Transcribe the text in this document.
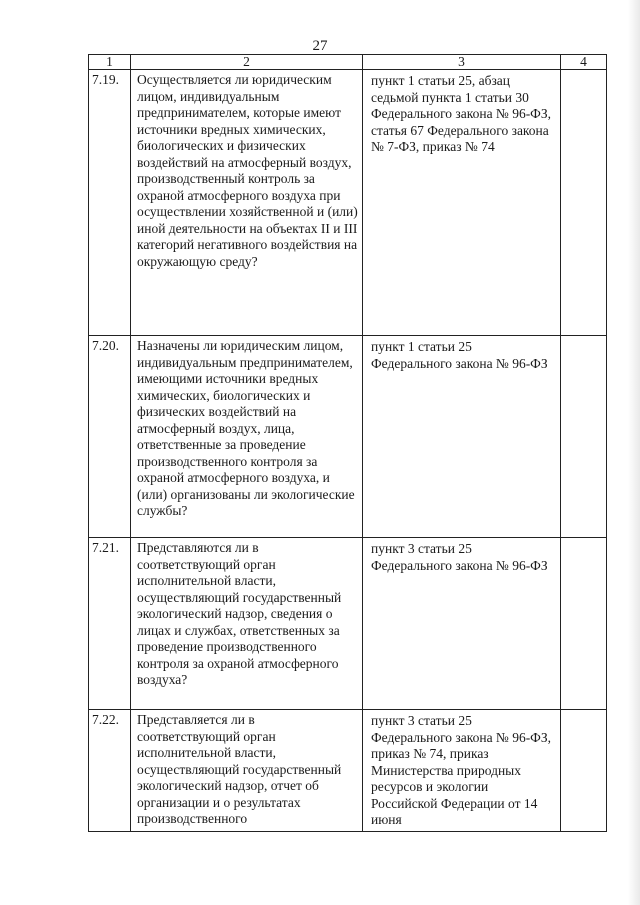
27
1	2	3	4
7.19.	Осуществляется ли юридическим лицом, индивидуальным предпринимателем, которые имеют источники вредных химических, биологических и физических воздействий на атмосферный воздух, производственный контроль за охраной атмосферного воздуха при осуществлении хозяйственной и (или) иной деятельности на объектах II и III категорий негативного воздействия на окружающую среду?	пункт 1 статьи 25, абзац седьмой пункта 1 статьи 30 Федерального закона № 96-ФЗ, статья 67 Федерального закона № 7-ФЗ, приказ № 74	
7.20.	Назначены ли юридическим лицом, индивидуальным предпринимателем, имеющими источники вредных химических, биологических и физических воздействий на атмосферный воздух, лица, ответственные за проведение производственного контроля за охраной атмосферного воздуха, и (или) организованы ли экологические службы?	пункт 1 статьи 25 Федерального закона № 96-ФЗ	
7.21.	Представляются ли в соответствующий орган исполнительной власти, осуществляющий государственный экологический надзор, сведения о лицах и службах, ответственных за проведение производственного контроля за охраной атмосферного воздуха?	пункт 3 статьи 25 Федерального закона № 96-ФЗ	
7.22.	Представляется ли в соответствующий орган исполнительной власти, осуществляющий государственный экологический надзор, отчет об организации и о результатах производственного	пункт 3 статьи 25 Федерального закона № 96-ФЗ, приказ № 74, приказ Министерства природных ресурсов и экологии Российской Федерации от 14 июня	
